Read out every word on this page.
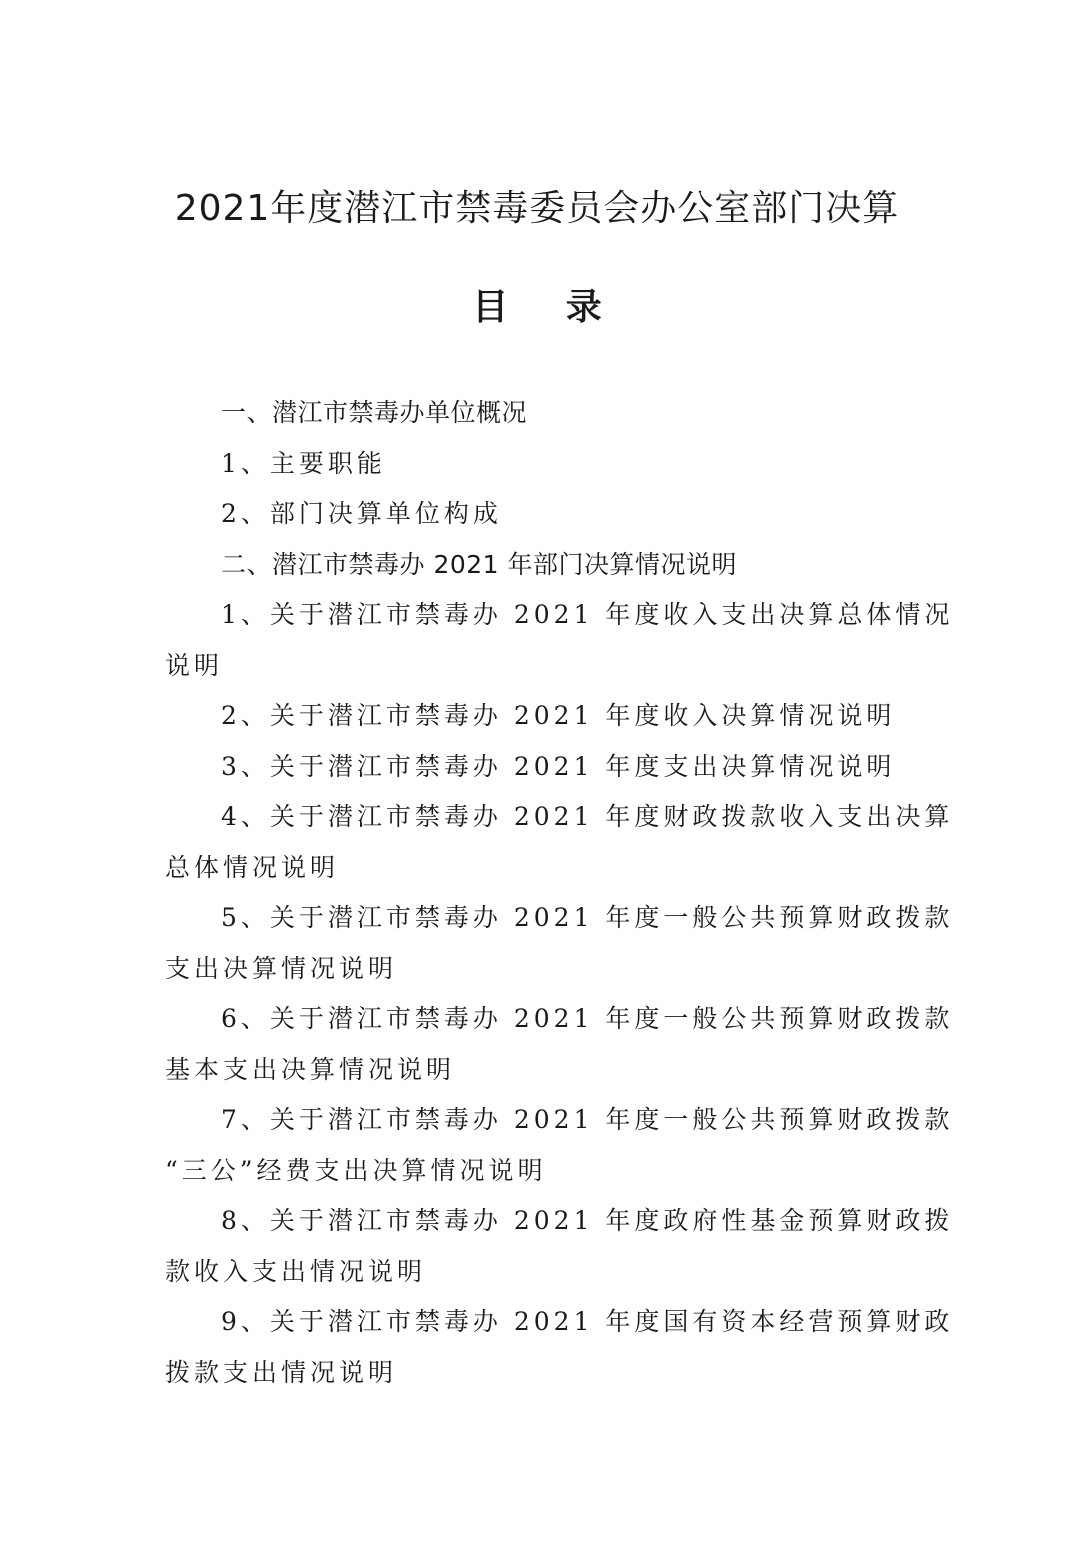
2021年度潜江市禁毒委员会办公室部门决算
目录
一、潜江市禁毒办单位概况
1、主要职能
2、部门决算单位构成
二、潜江市禁毒办 2021 年部门决算情况说明
1、关于潜江市禁毒办 2021 年度收入支出决算总体情况
说明
2、关于潜江市禁毒办 2021 年度收入决算情况说明
3、关于潜江市禁毒办 2021 年度支出决算情况说明
4、关于潜江市禁毒办 2021 年度财政拨款收入支出决算
总体情况说明
5、关于潜江市禁毒办 2021 年度一般公共预算财政拨款
支出决算情况说明
6、关于潜江市禁毒办 2021 年度一般公共预算财政拨款
基本支出决算情况说明
7、关于潜江市禁毒办 2021 年度一般公共预算财政拨款
“三公”经费支出决算情况说明
8、关于潜江市禁毒办 2021 年度政府性基金预算财政拨
款收入支出情况说明
9、关于潜江市禁毒办 2021 年度国有资本经营预算财政
拨款支出情况说明
